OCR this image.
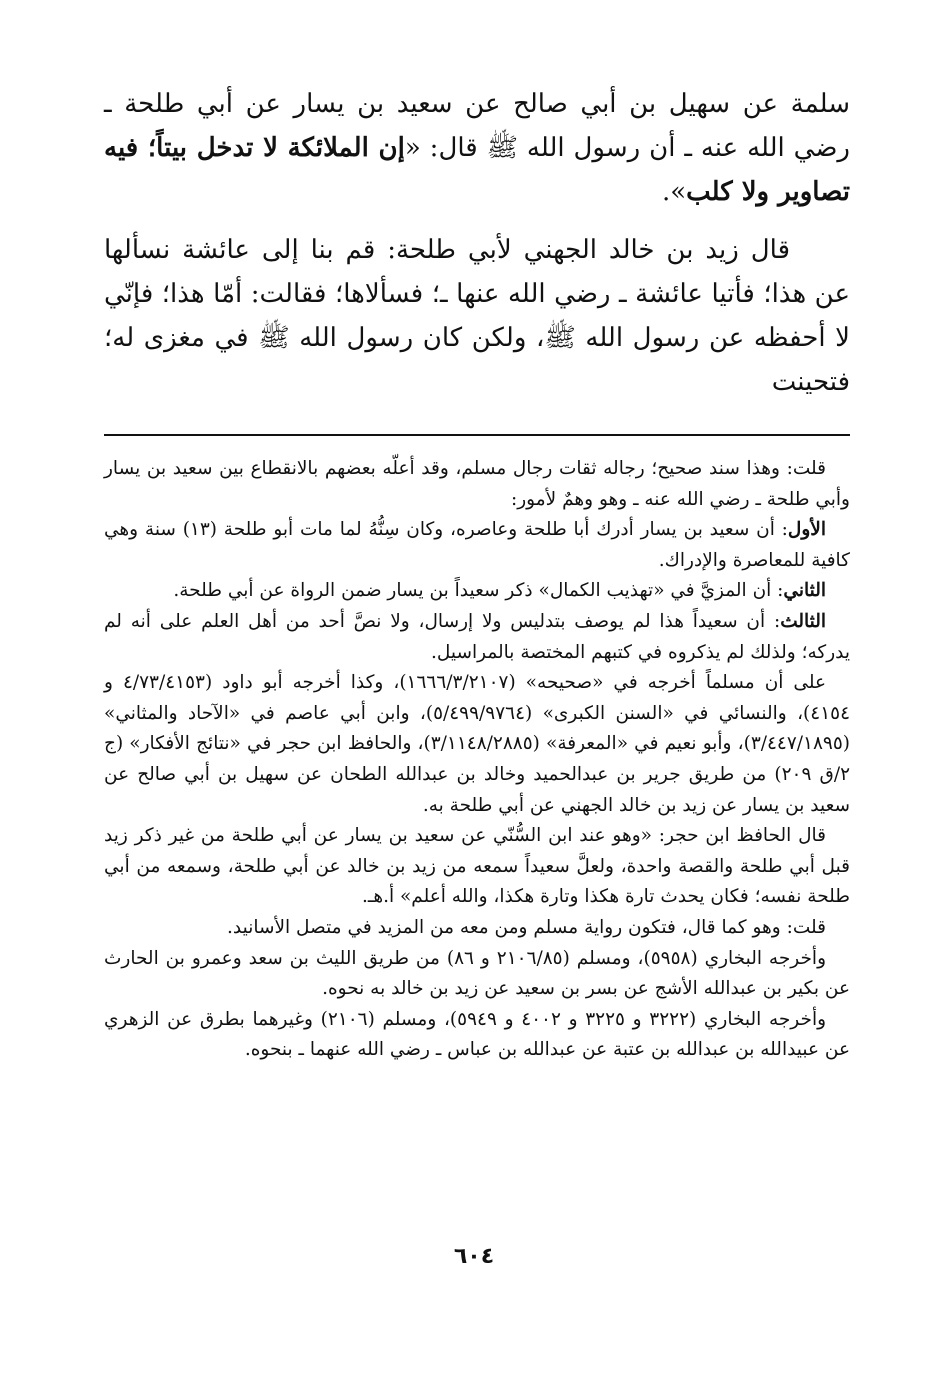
سلمة عن سهيل بن أبي صالح عن سعيد بن يسار عن أبي طلحة ـ رضي الله عنه ـ أن رسول الله ﷺ قال: «إن الملائكة لا تدخل بيتاً؛ فيه تصاوير ولا كلب».

قال زيد بن خالد الجهني لأبي طلحة: قم بنا إلى عائشة نسألها عن هذا؛ فأتيا عائشة ـ رضي الله عنها ـ؛ فسألاها؛ فقالت: أمّا هذا؛ فإنّي لا أحفظه عن رسول الله ﷺ، ولكن كان رسول الله ﷺ في مغزى له؛ فتحينت

قلت: وهذا سند صحيح؛ رجاله ثقات رجال مسلم، وقد أعلّه بعضهم بالانقطاع بين سعيد بن يسار وأبي طلحة ـ رضي الله عنه ـ وهو وهمٌ لأمور:

الأول: أن سعيد بن يسار أدرك أبا طلحة وعاصره، وكان سِنُّهُ لما مات أبو طلحة (١٣) سنة وهي كافية للمعاصرة والإدراك.

الثاني: أن المزيَّ في «تهذيب الكمال» ذكر سعيداً بن يسار ضمن الرواة عن أبي طلحة.

الثالث: أن سعيداً هذا لم يوصف بتدليس ولا إرسال، ولا نصَّ أحد من أهل العلم على أنه لم يدركه؛ ولذلك لم يذكروه في كتبهم المختصة بالمراسيل.

على أن مسلماً أخرجه في «صحيحه» (١٦٦٦/٣/٢١٠٧)، وكذا أخرجه أبو داود (٤/٧٣/٤١٥٣ و ٤١٥٤)، والنسائي في «السنن الكبرى» (٥/٤٩٩/٩٧٦٤)، وابن أبي عاصم في «الآحاد والمثاني» (٣/٤٤٧/١٨٩٥)، وأبو نعيم في «المعرفة» (٣/١١٤٨/٢٨٨٥)، والحافظ ابن حجر في «نتائج الأفكار» (ج ٢/ق ٢٠٩) من طريق جرير بن عبدالحميد وخالد بن عبدالله الطحان عن سهيل بن أبي صالح عن سعيد بن يسار عن زيد بن خالد الجهني عن أبي طلحة به.

قال الحافظ ابن حجر: «وهو عند ابن السُّنّي عن سعيد بن يسار عن أبي طلحة من غير ذكر زيد قبل أبي طلحة والقصة واحدة، ولعلَّ سعيداً سمعه من زيد بن خالد عن أبي طلحة، وسمعه من أبي طلحة نفسه؛ فكان يحدث تارة هكذا وتارة هكذا، والله أعلم» أ.هـ.

قلت: وهو كما قال، فتكون رواية مسلم ومن معه من المزيد في متصل الأسانيد.

وأخرجه البخاري (٥٩٥٨)، ومسلم (٢١٠٦/٨٥ و ٨٦) من طريق الليث بن سعد وعمرو بن الحارث عن بكير بن عبدالله الأشج عن بسر بن سعيد عن زيد بن خالد به نحوه.

وأخرجه البخاري (٣٢٢٢ و ٣٢٢٥ و ٤٠٠٢ و ٥٩٤٩)، ومسلم (٢١٠٦) وغيرهما بطرق عن الزهري عن عبيدالله بن عبدالله بن عتبة عن عبدالله بن عباس ـ رضي الله عنهما ـ بنحوه.

٦٠٤
